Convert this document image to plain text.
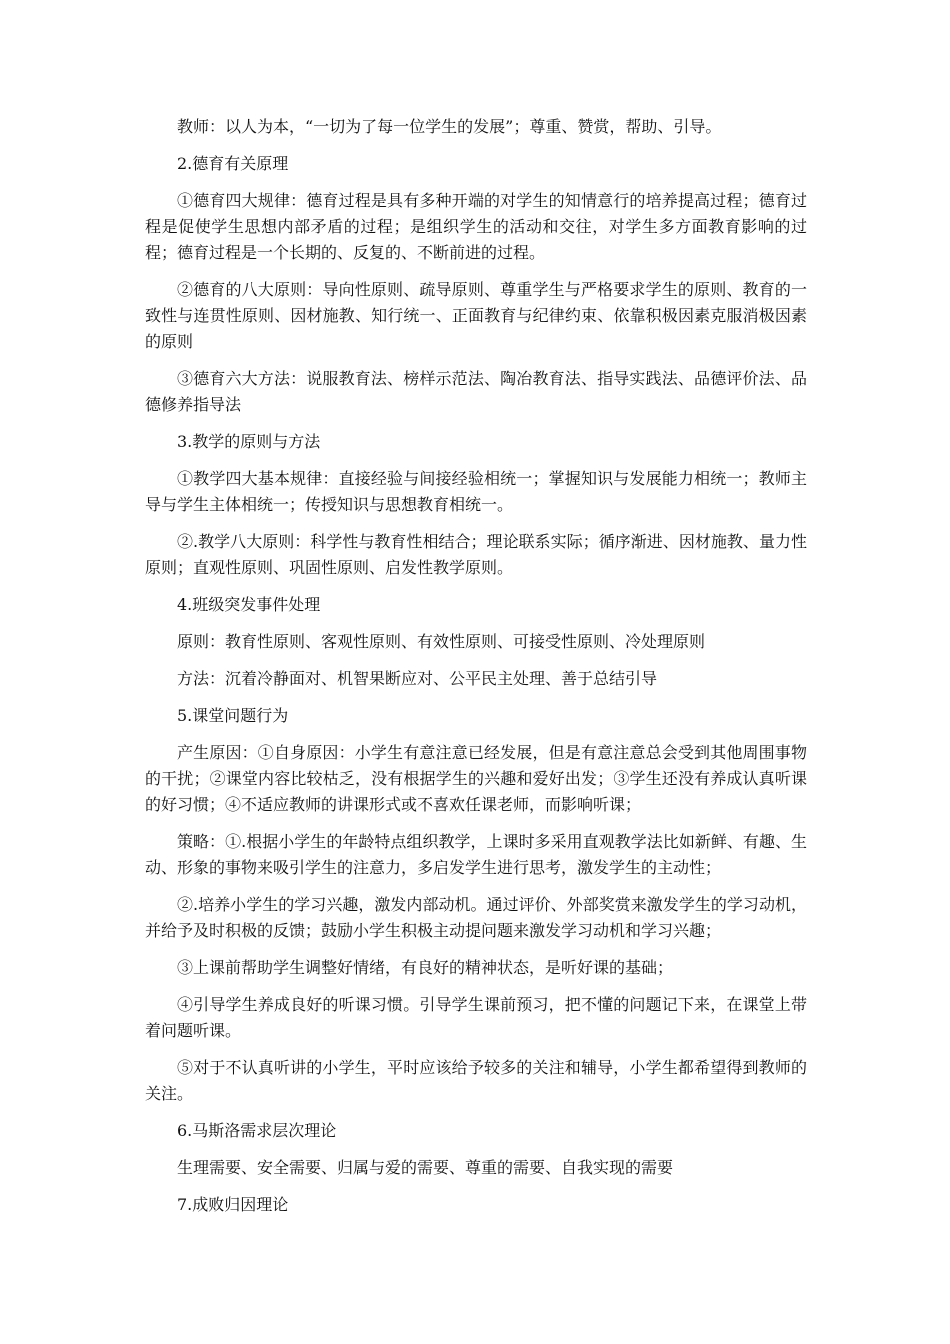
教师：以人为本，“一切为了每一位学生的发展”；尊重、赞赏，帮助、引导。

2.德育有关原理

①德育四大规律：德育过程是具有多种开端的对学生的知情意行的培养提高过程；德育过程是促使学生思想内部矛盾的过程；是组织学生的活动和交往，对学生多方面教育影响的过程；德育过程是一个长期的、反复的、不断前进的过程。

②德育的八大原则：导向性原则、疏导原则、尊重学生与严格要求学生的原则、教育的一致性与连贯性原则、因材施教、知行统一、正面教育与纪律约束、依靠积极因素克服消极因素的原则

③德育六大方法：说服教育法、榜样示范法、陶冶教育法、指导实践法、品德评价法、品德修养指导法

3.教学的原则与方法

①教学四大基本规律：直接经验与间接经验相统一；掌握知识与发展能力相统一；教师主导与学生主体相统一；传授知识与思想教育相统一。

②.教学八大原则：科学性与教育性相结合；理论联系实际；循序渐进、因材施教、量力性原则；直观性原则、巩固性原则、启发性教学原则。

4.班级突发事件处理

原则：教育性原则、客观性原则、有效性原则、可接受性原则、冷处理原则

方法：沉着冷静面对、机智果断应对、公平民主处理、善于总结引导

5.课堂问题行为

产生原因：①自身原因：小学生有意注意已经发展，但是有意注意总会受到其他周围事物的干扰；②课堂内容比较枯乏，没有根据学生的兴趣和爱好出发；③学生还没有养成认真听课的好习惯；④不适应教师的讲课形式或不喜欢任课老师，而影响听课；

策略：①.根据小学生的年龄特点组织教学，上课时多采用直观教学法比如新鲜、有趣、生动、形象的事物来吸引学生的注意力，多启发学生进行思考，激发学生的主动性；

②.培养小学生的学习兴趣，激发内部动机。通过评价、外部奖赏来激发学生的学习动机，并给予及时积极的反馈；鼓励小学生积极主动提问题来激发学习动机和学习兴趣；

③上课前帮助学生调整好情绪，有良好的精神状态，是听好课的基础；

④引导学生养成良好的听课习惯。引导学生课前预习，把不懂的问题记下来，在课堂上带着问题听课。

⑤对于不认真听讲的小学生，平时应该给予较多的关注和辅导，小学生都希望得到教师的关注。

6.马斯洛需求层次理论

生理需要、安全需要、归属与爱的需要、尊重的需要、自我实现的需要

7.成败归因理论
